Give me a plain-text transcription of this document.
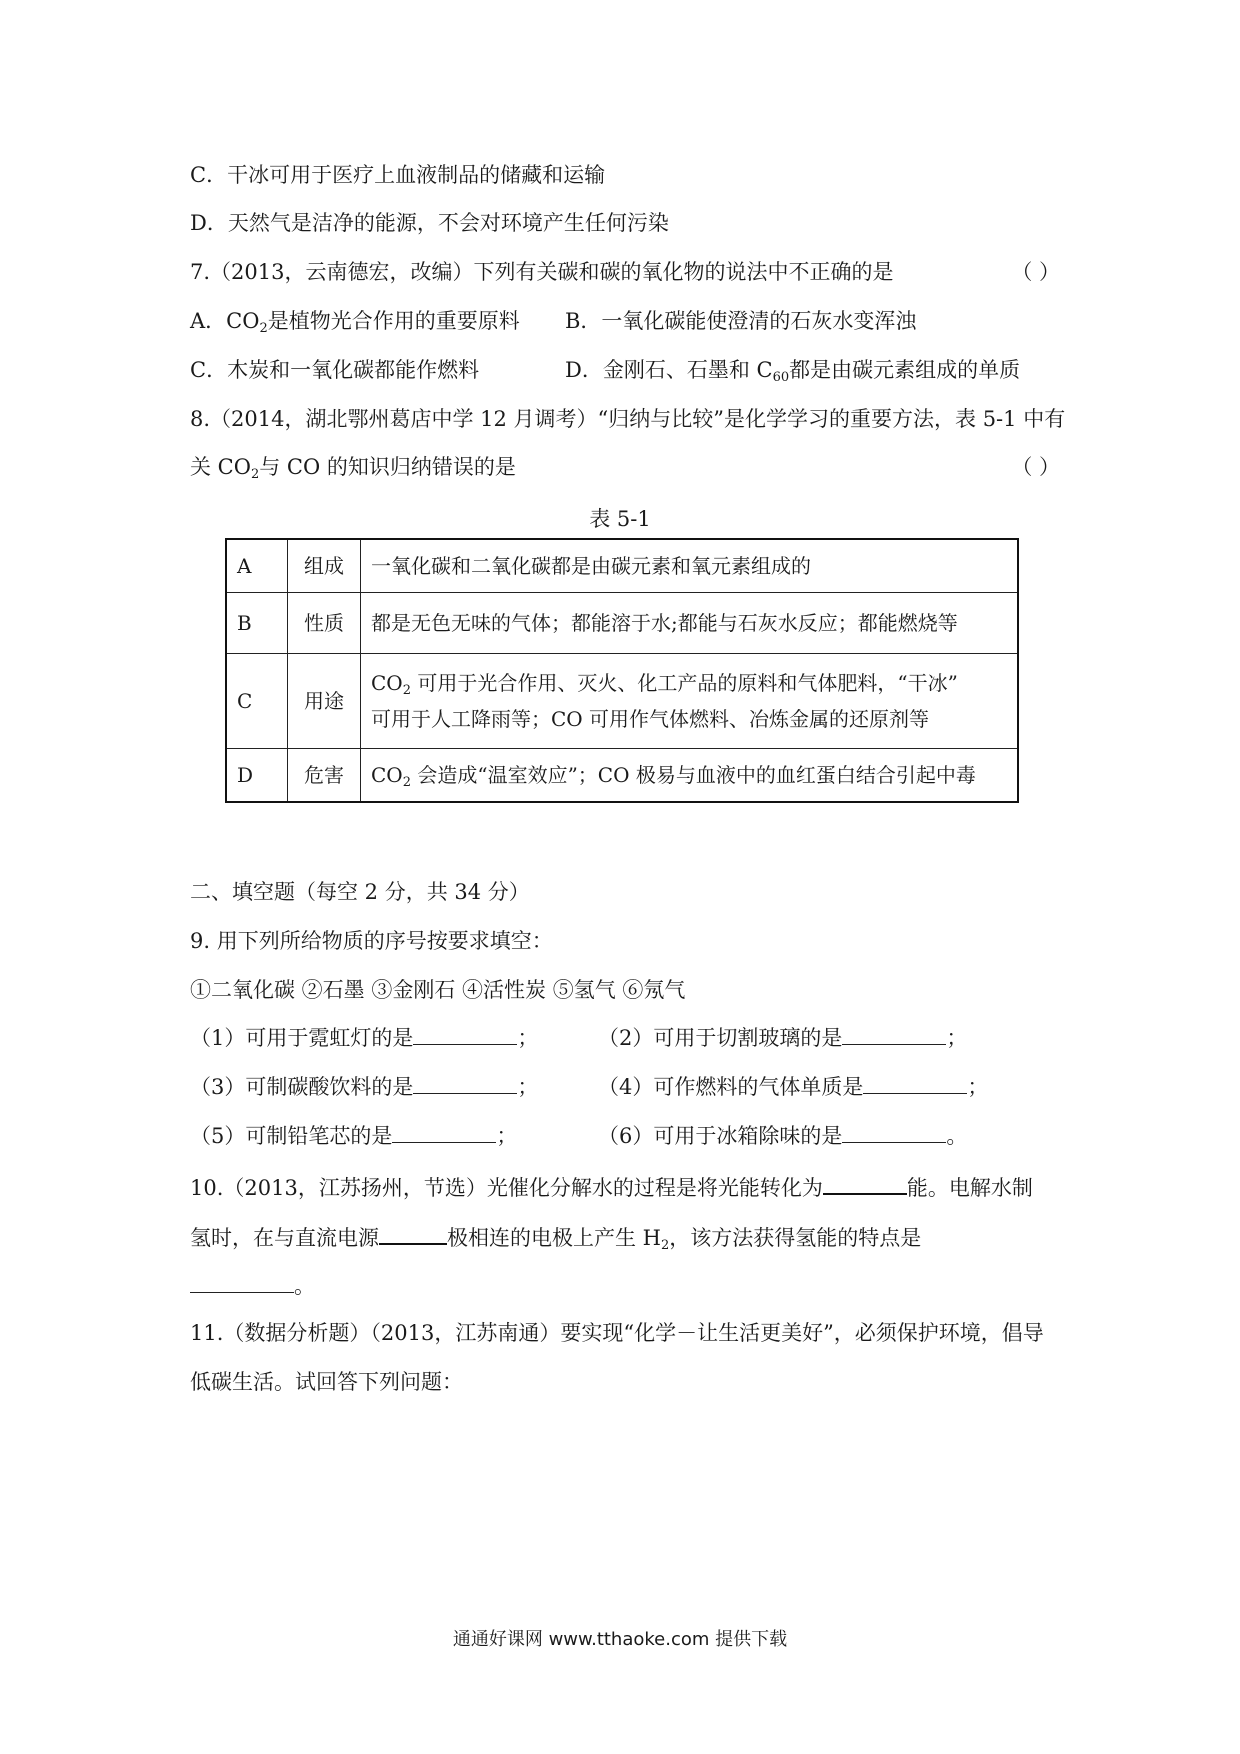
C．干冰可用于医疗上血液制品的储藏和运输
D．天然气是洁净的能源，不会对环境产生任何污染
7.（2013，云南德宏，改编）下列有关碳和碳的氧化物的说法中不正确的是	（ ）
A．$CO_2$是植物光合作用的重要原料 B．一氧化碳能使澄清的石灰水变浑浊
C．木炭和一氧化碳都能作燃料	D．金刚石、石墨和 $C_{60}$都是由碳元素组成的单质
8.（2014，湖北鄂州葛店中学 12 月调考）“归纳与比较”是化学学习的重要方法，表 5-1 中有
关 $CO_2$与 CO 的知识归纳错误的是	（ ）
表 5-1
A	组成	一氧化碳和二氧化碳都是由碳元素和氧元素组成的
B	性质	都是无色无味的气体；都能溶于水;都能与石灰水反应；都能燃烧等
C	用途	$CO_2$ 可用于光合作用、灭火、化工产品的原料和气体肥料，“干冰”
可用于人工降雨等；CO 可用作气体燃料、冶炼金属的还原剂等

D	危害	$CO_2$ 会造成“温室效应”；CO 极易与血液中的血红蛋白结合引起中毒
二、填空题（每空 2 分，共 34 分）
9. 用下列所给物质的序号按要求填空：
①二氧化碳 ②石墨 ③金刚石 ④活性炭 ⑤氢气 ⑥氖气
（1）可用于霓虹灯的是	；	（2）可用于切割玻璃的是	；
（3）可制碳酸饮料的是	；	（4）可作燃料的气体单质是	；
（5）可制铅笔芯的是	；	（6）可用于冰箱除味的是	。
10.（2013，江苏扬州，节选）光催化分解水的过程是将光能转化为	能。电解水制
氢时，在与直流电源	极相连的电极上产生 $H_2$，该方法获得氢能的特点是
。
11.（数据分析题）（2013，江苏南通）要实现“化学－让生活更美好”，必须保护环境，倡导
低碳生活。试回答下列问题：
通通好课网 www.tthaoke.com 提供下载
